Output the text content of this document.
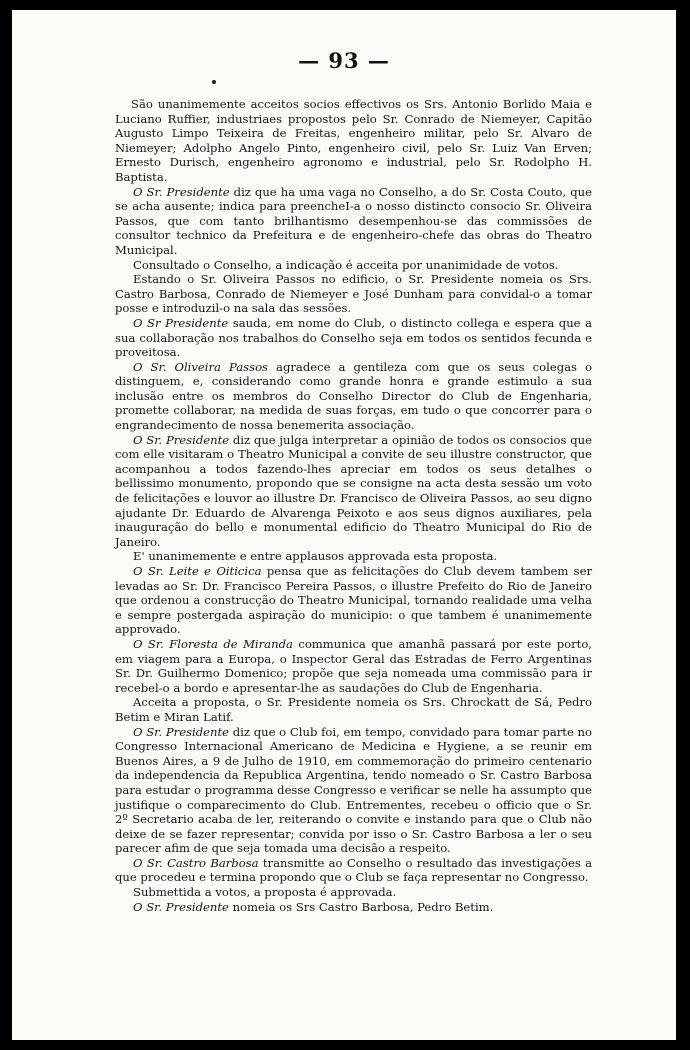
— 93 —

São unanimemente acceitos socios effectivos os Srs. Antonio Borlido Maia e Luciano Ruffier, industriaes propostos pelo Sr. Conrado de Niemeyer, Capitão Augusto Limpo Teixeira de Freitas, engenheiro militar, pelo Sr. Alvaro de Niemeyer; Adolpho Angelo Pinto, engenheiro civil, pelo Sr. Luiz Van Erven; Ernesto Durisch, engenheiro agronomo e industrial, pelo Sr. Rodolpho H. Baptista.

O Sr. Presidente diz que ha uma vaga no Conselho, a do Sr. Costa Couto, que se acha ausente; indica para preencheI-a o nosso distincto consocio Sr. Oliveira Passos, que com tanto brilhantismo desempenhou-se das commissões de consultor technico da Prefeitura e de engenheiro-chefe das obras do Theatro Municipal.

Consultado o Conselho, a indicação é acceita por unanimidade de votos.

Estando o Sr. Oliveira Passos no edificio, o Sr. Presidente nomeia os Srs. Castro Barbosa, Conrado de Niemeyer e José Dunham para convidal-o a tomar posse e introduzil-o na sala das sessões.

O Sr Presidente sauda, em nome do Club, o distincto collega e espera que a sua collaboração nos trabalhos do Conselho seja em todos os sentidos fecunda e proveitosa.

O Sr. Oliveira Passos agradece a gentileza com que os seus colegas o distinguem, e, considerando como grande honra e grande estimulo a sua inclusão entre os membros do Conselho Director do Club de Engenharia, promette collaborar, na medida de suas forças, em tudo o que concorrer para o engrandecimento de nossa benemerita associação.

O Sr. Presidente diz que julga interpretar a opinião de todos os consocios que com elle visitaram o Theatro Municipal a convite de seu illustre constructor, que acompanhou a todos fazendo-lhes apreciar em todos os seus detalhes o bellissimo monumento, propondo que se consigne na acta desta sessão um voto de felicitações e louvor ao illustre Dr. Francisco de Oliveira Passos, ao seu digno ajudante Dr. Eduardo de Alvarenga Peixoto e aos seus dignos auxiliares, pela inauguração do bello e monumental edificio do Theatro Municipal do Rio de Janeiro.

E' unanimemente e entre applausos approvada esta proposta.

O Sr. Leite e Oiticica pensa que as felicitações do Club devem tambem ser levadas ao Sr. Dr. Francisco Pereira Passos, o illustre Prefeito do Rio de Janeiro que ordenou a construcção do Theatro Municipal, tornando realidade uma velha e sempre postergada aspiração do municipio: o que tambem é unanimemente approvado.

O Sr. Floresta de Miranda communica que amanhã passará por este porto, em viagem para a Europa, o Inspector Geral das Estradas de Ferro Argentinas Sr. Dr. Guilhermo Domenico; propõe que seja nomeada uma commissão para ir recebel-o a bordo e apresentar-lhe as saudações do Club de Engenharia.

Acceita a proposta, o Sr. Presidente nomeia os Srs. Chrockatt de Sá, Pedro Betim e Miran Latif.

O Sr. Presidente diz que o Club foi, em tempo, convidado para tomar parte no Congresso Internacional Americano de Medicina e Hygiene, a se reunir em Buenos Aires, a 9 de Julho de 1910, em commemoração do primeiro centenario da independencia da Republica Argentina, tendo nomeado o Sr. Castro Barbosa para estudar o programma desse Congresso e verificar se nelle ha assumpto que justifique o comparecimento do Club. Entrementes, recebeu o officio que o Sr. 2º Secretario acaba de ler, reiterando o convite e instando para que o Club não deixe de se fazer representar; convida por isso o Sr. Castro Barbosa a ler o seu parecer afim de que seja tomada uma decisão a respeito.

O Sr. Castro Barbosa transmitte ao Conselho o resultado das investigações a que procedeu e termina propondo que o Club se faça representar no Congresso.

Submettida a votos, a proposta é approvada.

O Sr. Presidente nomeia os Srs Castro Barbosa, Pedro Betim.
